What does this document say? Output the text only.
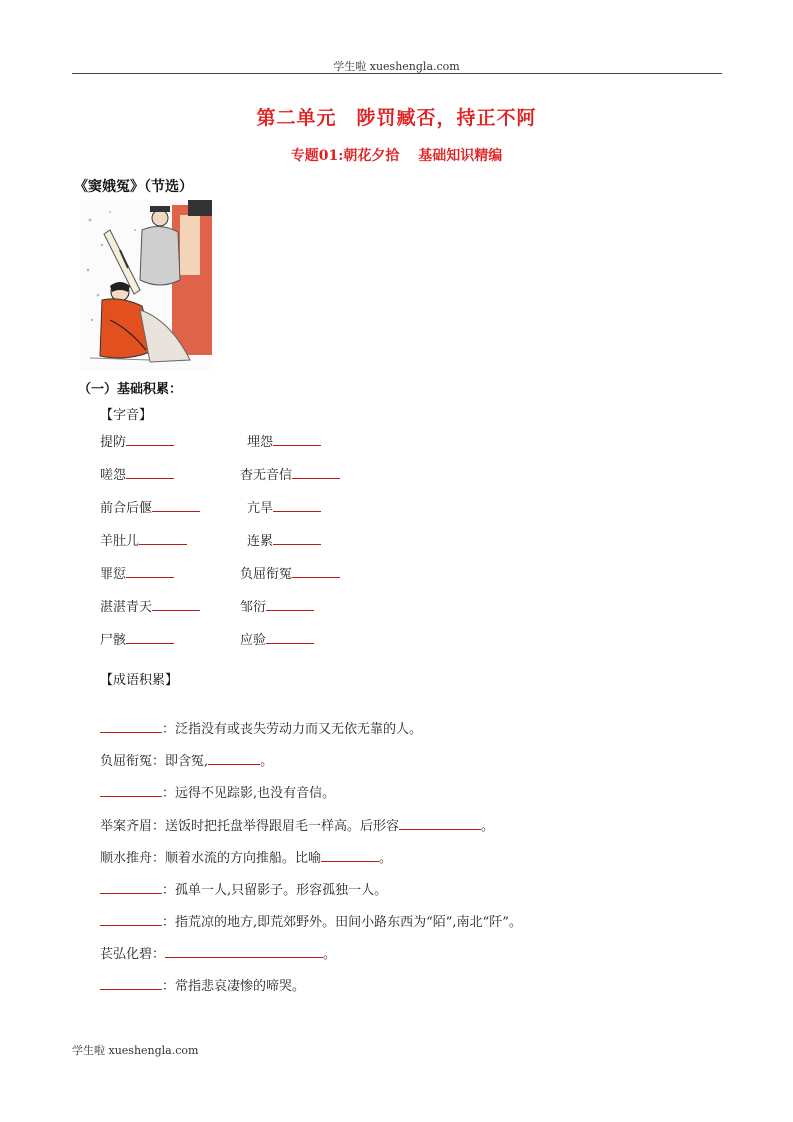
学生啦 xueshengla.com
第二单元　陟罚臧否，持正不阿
专题01:朝花夕拾　 基础知识精编
《窦娥冤》（节选）
（一）基础积累：
【字音】
提防	埋怨
嗟怨	杳无音信
前合后偃	亢旱
羊肚儿	连累
罪愆	负屈衔冤
湛湛青天	邹衍
尸骸	应验
【成语积累】
：泛指没有或丧失劳动力而又无依无靠的人。
负屈衔冤：即含冤,	。
：远得不见踪影,也没有音信。
举案齐眉：送饭时把托盘举得跟眉毛一样高。后形容	。
顺水推舟：顺着水流的方向推船。比喻	。
：孤单一人,只留影子。形容孤独一人。
：指荒凉的地方,即荒郊野外。田间小路东西为“陌”,南北“阡”。
苌弘化碧：	。
：常指悲哀凄惨的啼哭。
学生啦 xueshengla.com
